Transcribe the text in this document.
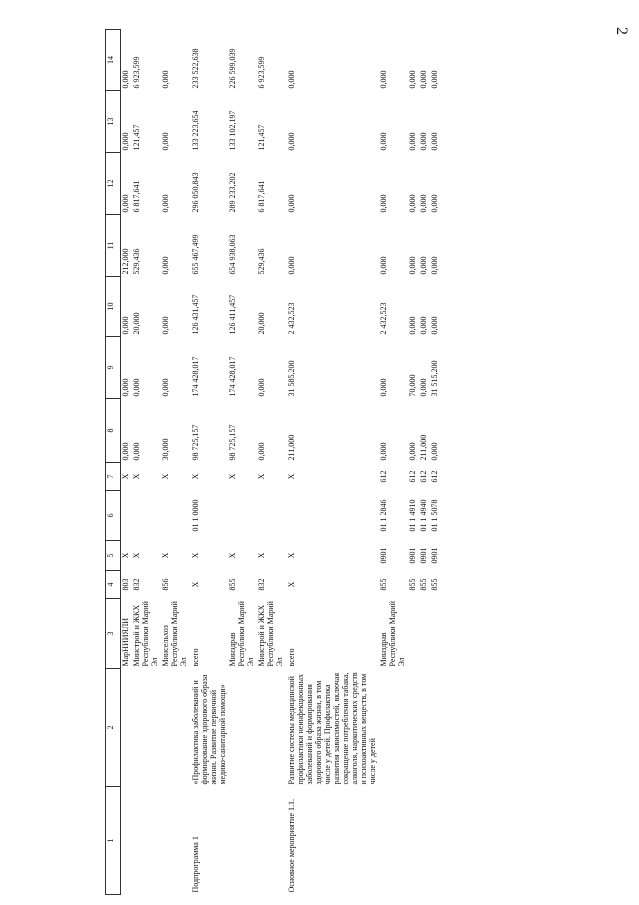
2
1	2	3	4	5	6	7	8	9	10	11	12	13	14
		МарНИИЯЛИ	803	X		X	0,000	0,000	0,000	212,000	0,000	0,000	0,000
		Минстрой и ЖКХ Республики Марий Эл	832	X		X	0,000	0,000	20,000	529,436	6 817,641	121,457	6 923,599
		Минсельхоз Республики Марий Эл	856	X		X	30,000	0,000	0,000	0,000	0,000	0,000	0,000
Подпрограмма 1	«Профилактика заболеваний и формирование здорового образа жизни. Развитие первичной медико-санитарной помощи»	всего	X	X	01 1 0000	X	98 725,157	174 428,017	126 431,457	655 467,499	296 050,843	133 223,654	233 522,638
		Минздрав Республики Марий Эл	855	X		X	98 725,157	174 428,017	126 411,457	654 938,063	289 233,202	133 102,197	226 599,039
		Минстрой и ЖКХ Республики Марий Эл	832	X		X	0,000	0,000	20,000	529,436	6 817,641	121,457	6 923,599
Основное мероприятие 1.1.	Развитие системы медицинской профилактики неинфекционных заболеваний и формирования здорового образа жизни, в том числе у детей. Профилактика развития зависимостей, включая сокращение потребления табака, алкоголя, наркотических средств и психоактивных веществ, в том числе у детей	всего	X	X		X	211,000	31 585,200	2 432,523	0,000	0,000	0,000	0,000
		Минздрав Республики Марий Эл	855	0901	01 1 2846	612	0,000	0,000	2 432,523	0,000	0,000	0,000	0,000
			855	0901	01 1 4910	612	0,000	70,000	0,000	0,000	0,000	0,000	0,000
			855	0901	01 1 4940	612	211,000	0,000	0,000	0,000	0,000	0,000	0,000
			855	0901	01 1 5078	612	0,000	31 515,200	0,000	0,000	0,000	0,000	0,000
